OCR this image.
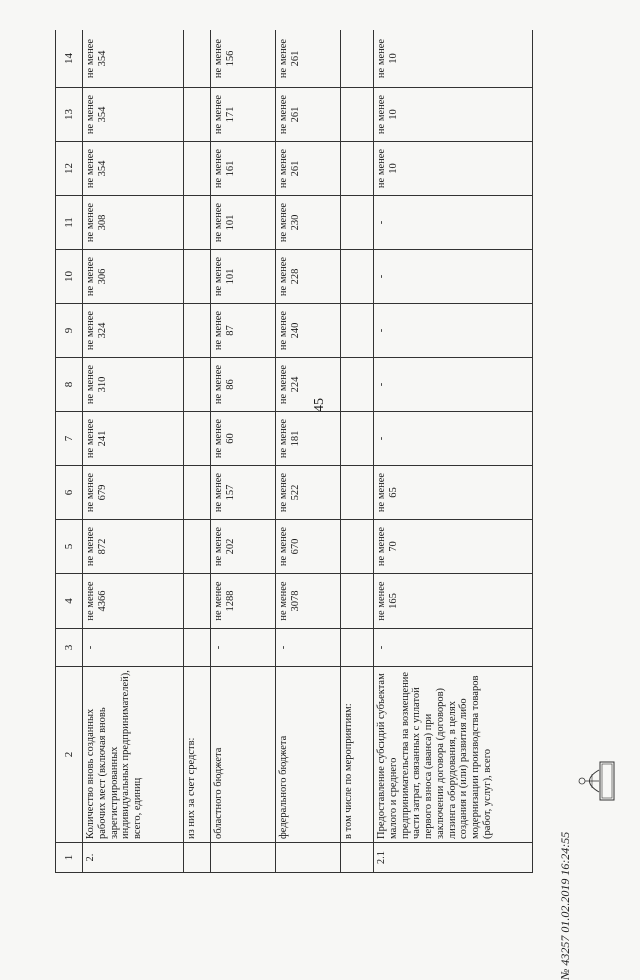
45
1	2	3	4	5	6	7	8	9	10	11	12	13	14
2.	Количество вновь созданных рабочих мест (включая вновь зарегистрированных индивидуальных предпринимателей), всего, единиц	-	не менее 4366	не менее 872	не менее 679	не менее 241	не менее 310	не менее 324	не менее 306	не менее 308	не менее 354	не менее 354	не менее 354
	из них за счет средств:												
	областного бюджета	-	не менее 1288	не менее 202	не менее 157	не менее 60	не менее 86	не менее 87	не менее 101	не менее 101	не менее 161	не менее 171	не менее 156
	федерального бюджета	-	не менее 3078	не менее 670	не менее 522	не менее 181	не менее 224	не менее 240	не менее 228	не менее 230	не менее 261	не менее 261	не менее 261
	в том числе по мероприятиям:												
2.1	Предоставление субсидий субъектам малого и среднего предпринимательства на возмещение части затрат, связанных с уплатой первого взноса (аванса) при заключении договора (договоров) лизинга оборудования, в целях создания и (или) развития либо модернизации производства товаров (работ, услуг), всего	-	не менее 165	не менее 70	не менее 65	-	-	-	-	-	не менее 10	не менее 10	не менее 10
№ 43257 01.02.2019 16:24:55
